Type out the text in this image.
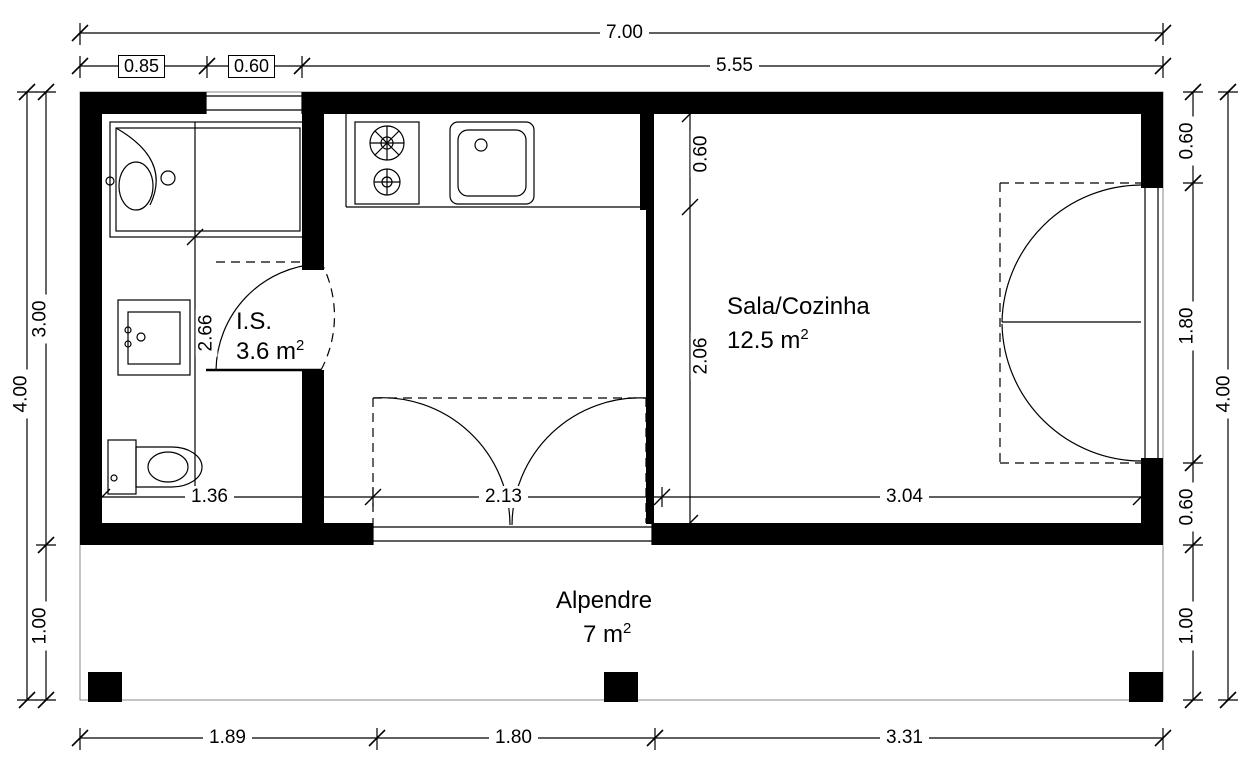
7.00
0.85	0.60	5.55
4.00
3.00
1.00
0.60
1.80
0.60
1.00
4.00
1.89	1.80	3.31
2.66
1.36	2.13	3.04
0.60
2.06
I.S.
3.6 $m^2$
Sala/Cozinha
12.5 $m^2$
Alpendre
7 $m^2$
